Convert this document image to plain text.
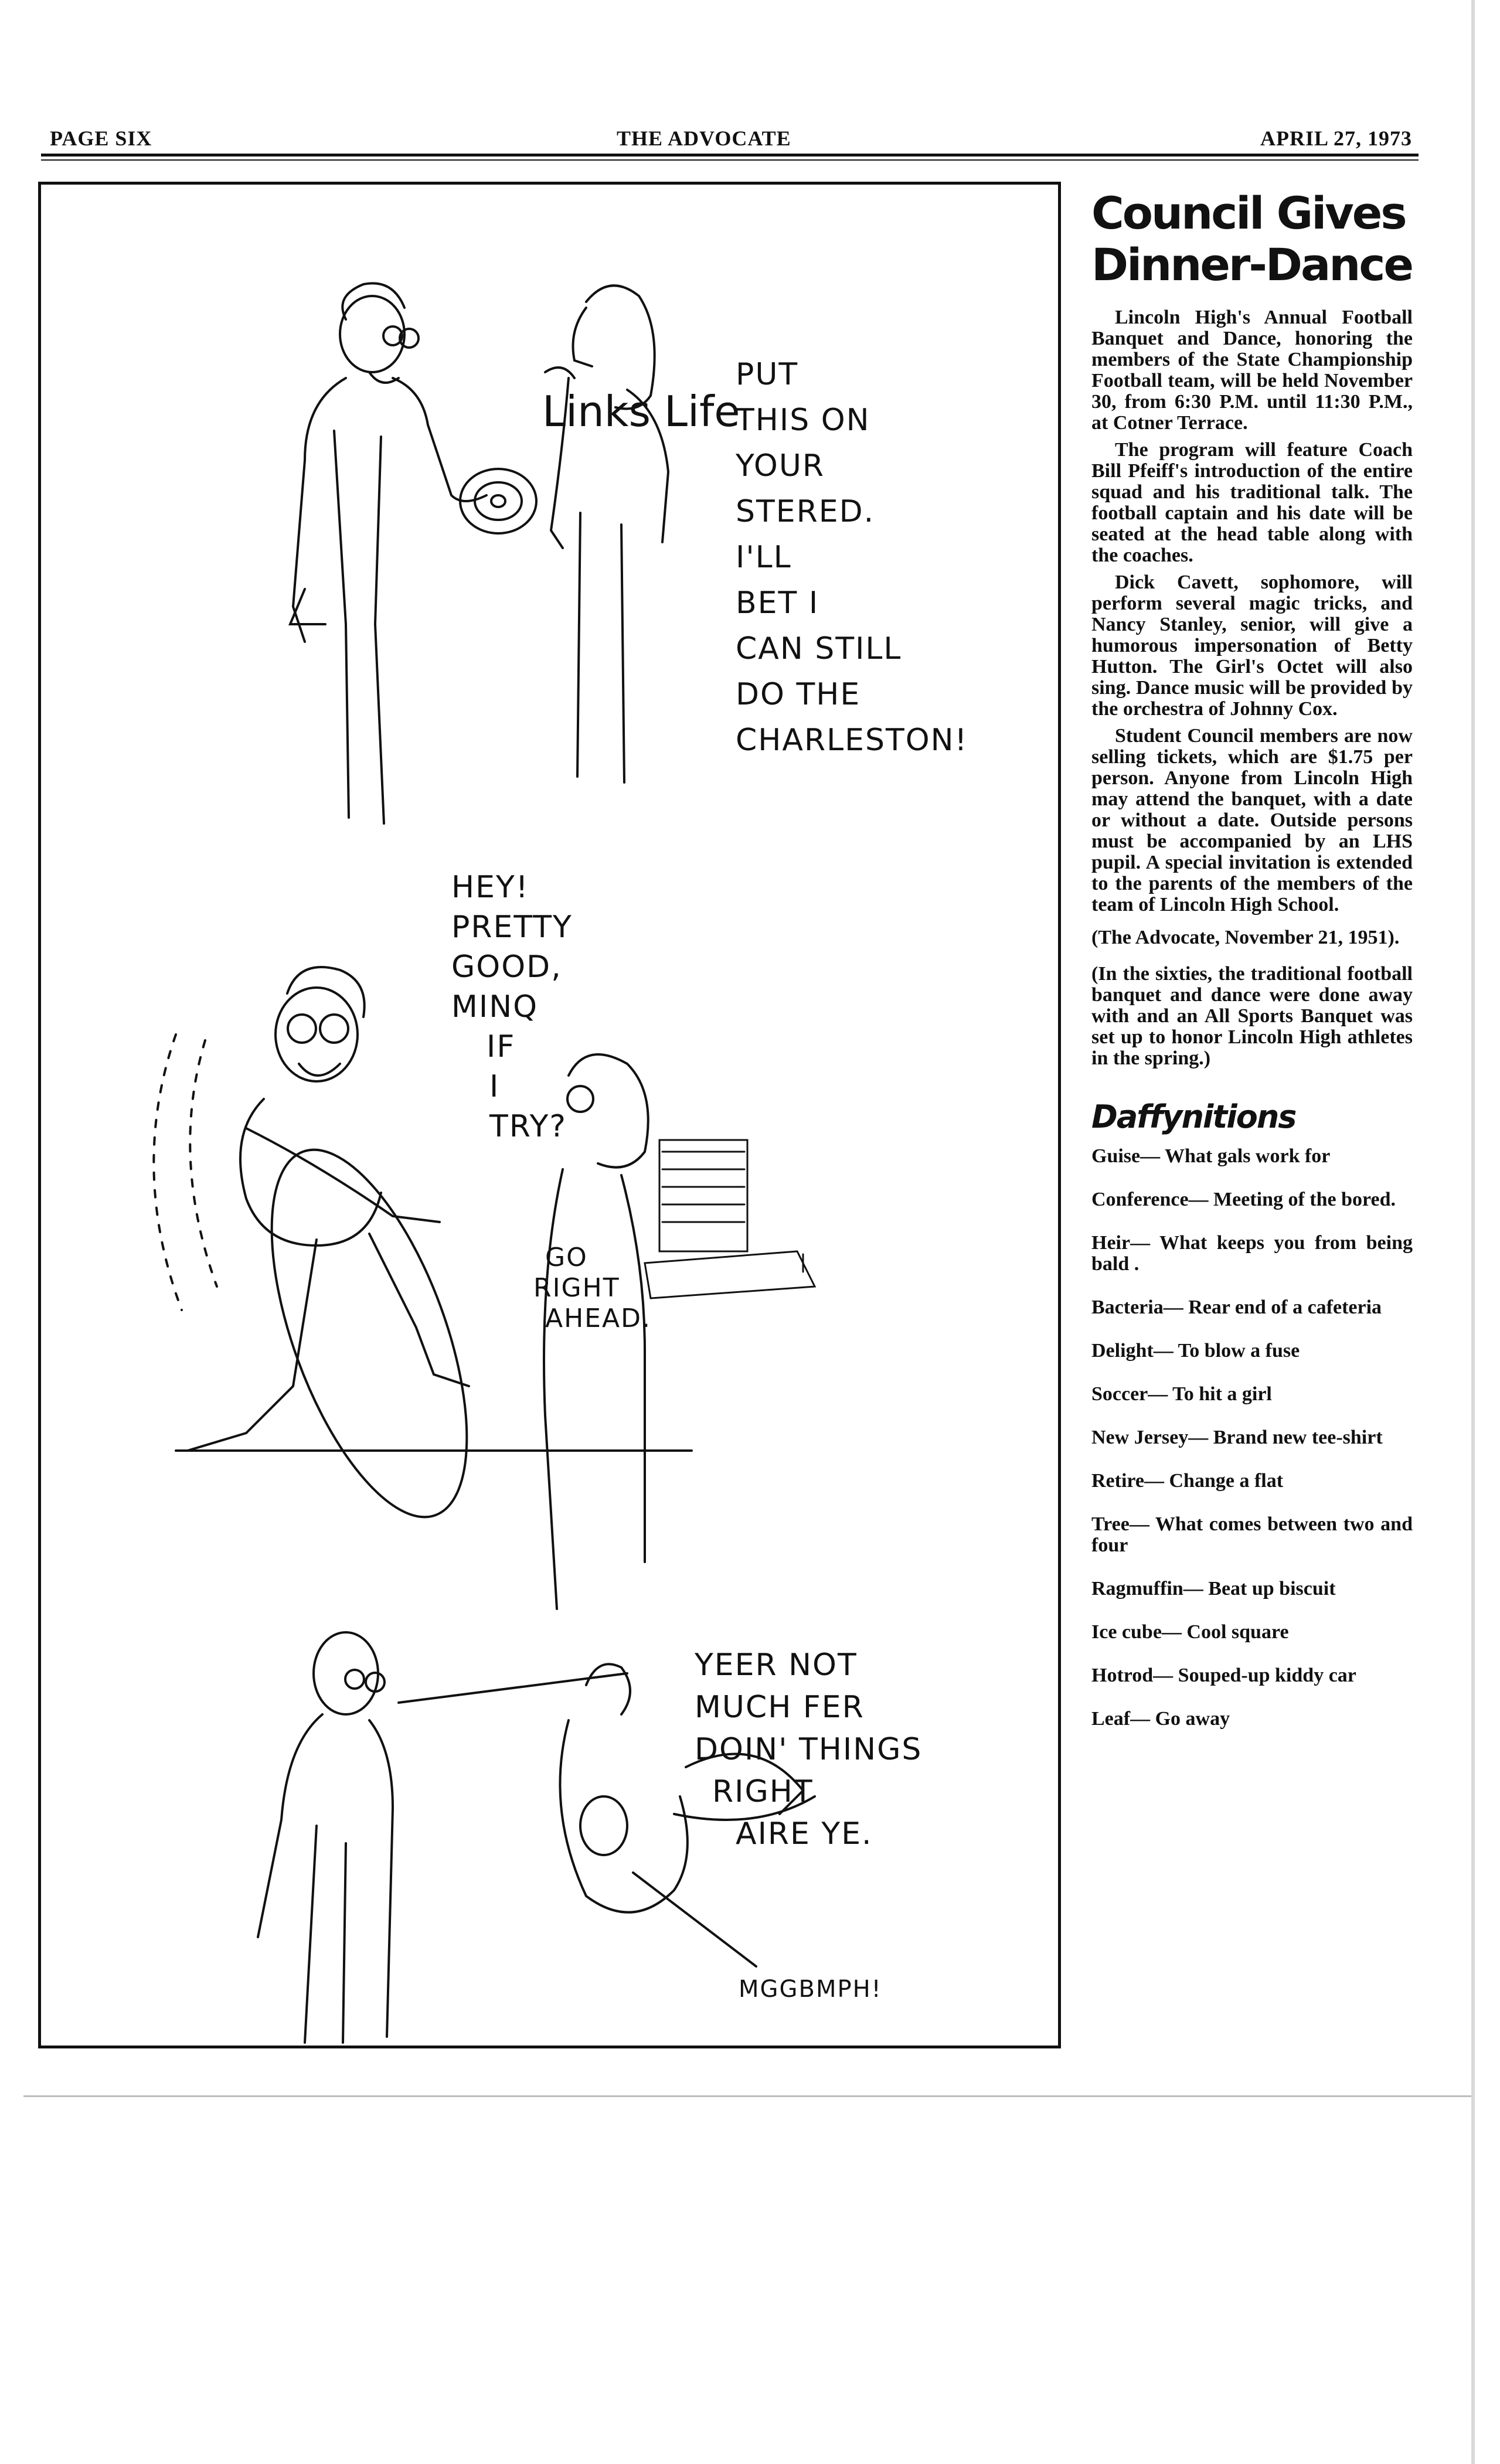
PAGE SIX	THE ADVOCATE	APRIL 27, 1973
Links Life
PUT
THIS ON
YOUR
STERED.
I'LL
BET I
CAN STILL
DO THE
CHARLESTON!
HEY!
PRETTY
GOOD,
MINQ
IF
I
TRY?
GO
RIGHT
AHEAD.
YEER NOT
MUCH FER
DOIN' THINGS
RIGHT
AIRE YE.
MGGBMPH!
Council Gives
Dinner-Dance

Lincoln High's Annual Football Banquet and Dance, honoring the members of the State Championship Football team, will be held November 30, from 6:30 P.M. until 11:30 P.M., at Cotner Terrace.

The program will feature Coach Bill Pfeiff's introduction of the entire squad and his traditional talk. The football captain and his date will be seated at the head table along with the coaches.

Dick Cavett, sophomore, will perform several magic tricks, and Nancy Stanley, senior, will give a humorous impersonation of Betty Hutton. The Girl's Octet will also sing. Dance music will be provided by the orchestra of Johnny Cox.

Student Council members are now selling tickets, which are $1.75 per person. Anyone from Lincoln High may attend the banquet, with a date or without a date. Outside persons must be accompanied by an LHS pupil. A special invitation is extended to the parents of the members of the team of Lincoln High School.

(The Advocate, November 21, 1951).

(In the sixties, the traditional football banquet and dance were done away with and an All Sports Banquet was set up to honor Lincoln High athletes in the spring.)

Daffynitions
Guise— What gals work for
Conference— Meeting of the bored.
Heir— What keeps you from being bald .
Bacteria— Rear end of a cafeteria
Delight— To blow a fuse
Soccer— To hit a girl
New Jersey— Brand new tee-shirt
Retire— Change a flat
Tree— What comes between two and four
Ragmuffin— Beat up biscuit
Ice cube— Cool square
Hotrod— Souped-up kiddy car
Leaf— Go away
